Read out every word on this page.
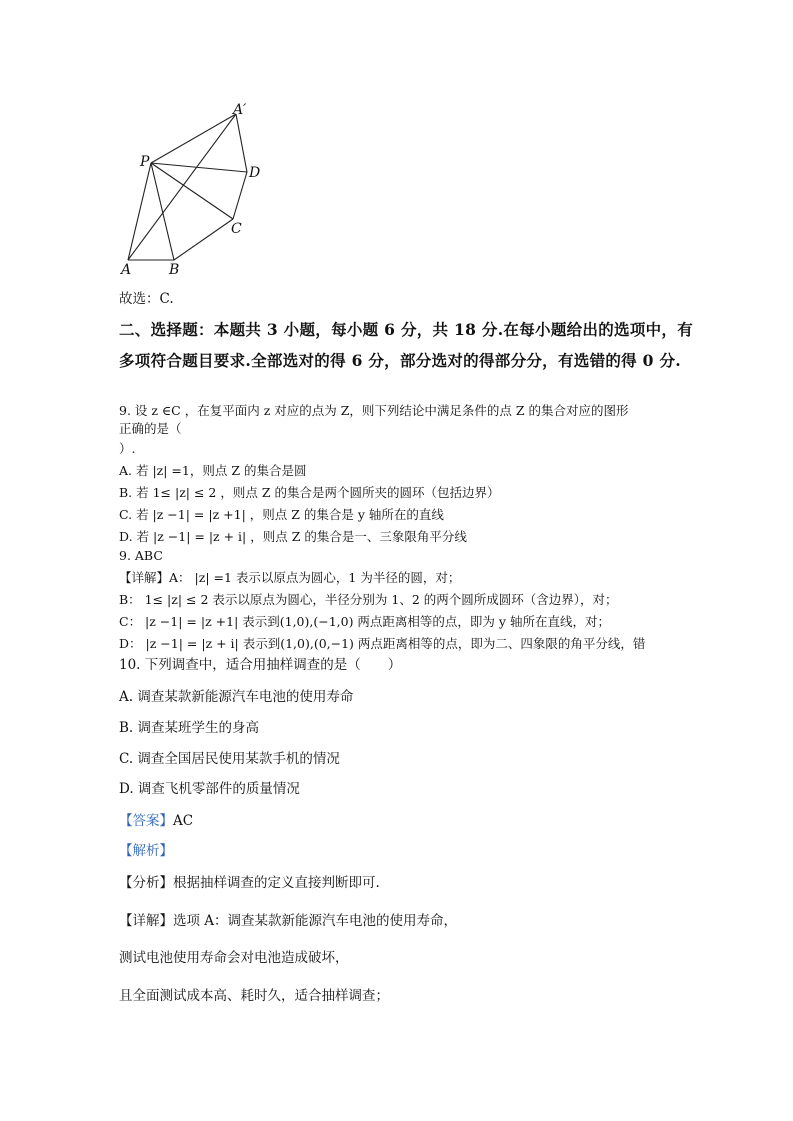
A′
P
D
C
A	B
故选：C.
二、选择题：本题共 3 小题，每小题 6 分，共 18 分.在每小题给出的选项中，有
多项符合题目要求.全部选对的得 6 分，部分选对的得部分分，有选错的得 0 分.
9. 设 z ∈C ，在复平面内 z 对应的点为 Z，则下列结论中满足条件的点 Z 的集合对应的图形
正确的是（
）.
A. 若 |z| =1，则点 Z 的集合是圆
B. 若 1≤ |z| ≤ 2 ，则点 Z 的集合是两个圆所夹的圆环（包括边界）
C. 若 |z −1| = |z +1| ，则点 Z 的集合是 y 轴所在的直线
D. 若 |z −1| = |z + i| ，则点 Z 的集合是一、三象限角平分线
9. ABC
【详解】A： |z| =1 表示以原点为圆心，1 为半径的圆，对；
B： 1≤ |z| ≤ 2 表示以原点为圆心，半径分别为 1、2 的两个圆所成圆环（含边界），对；
C： |z −1| = |z +1| 表示到(1,0),(−1,0) 两点距离相等的点，即为 y 轴所在直线，对；
D： |z −1| = |z + i| 表示到(1,0),(0,−1) 两点距离相等的点，即为二、四象限的角平分线，错
10. 下列调查中，适合用抽样调查的是（　　）
A. 调查某款新能源汽车电池的使用寿命
B. 调查某班学生的身高
C. 调查全国居民使用某款手机的情况
D. 调查飞机零部件的质量情况
【答案】AC
【解析】
【分析】根据抽样调查的定义直接判断即可.
【详解】选项 A：调查某款新能源汽车电池的使用寿命，
测试电池使用寿命会对电池造成破坏，
且全面测试成本高、耗时久，适合抽样调查；
